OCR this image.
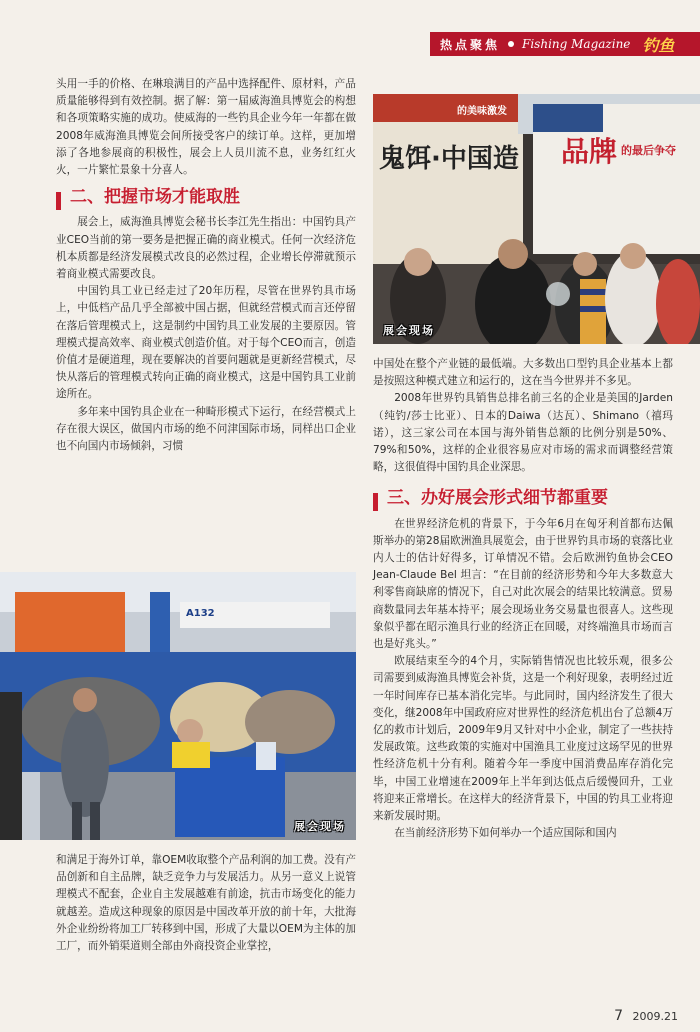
热点聚焦 Fishing Magazine 钓鱼

头用一手的价格、在琳琅满目的产品中选择配件、原材料，产品质量能够得到有效控制。据了解：第一届威海渔具博览会的构想和各项策略实施的成功。使威海的一些钓具企业今年一年都在做2008年威海渔具博览会间所接受客户的续订单。这样，更加增添了各地参展商的积极性，展会上人员川流不息，业务红红火火，一片繁忙景象十分喜人。

二、把握市场才能取胜

展会上，威海渔具博览会秘书长李江先生指出：中国钓具产业CEO当前的第一要务是把握正确的商业模式。任何一次经济危机本质都是经济发展模式改良的必然过程，企业增长停滞就预示着商业模式需要改良。

中国钓具工业已经走过了20年历程，尽管在世界钓具市场上，中低档产品几乎全部被中国占据，但就经营模式而言还停留在落后管理模式上，这是制约中国钓具工业发展的主要原因。管理模式提高效率、商业模式创造价值。对于每个CEO而言，创造价值才是硬道理，现在要解决的首要问题就是更新经营模式，尽快从落后的管理模式转向正确的商业模式，这是中国钓具工业前途所在。

多年来中国钓具企业在一种畸形模式下运行，在经营模式上存在很大误区，做国内市场的绝不问津国际市场，同样出口企业也不向国内市场倾斜，习惯

鬼饵·中国造
的美味激发
品牌 的最后争夺
展会现场

中国处在整个产业链的最低端。大多数出口型钓具企业基本上都是按照这种模式建立和运行的，这在当今世界并不多见。

2008年世界钓具销售总排名前三名的企业是美国的Jarden（纯钓/莎士比亚）、日本的Daiwa（达瓦）、Shimano（禧玛诺），这三家公司在本国与海外销售总额的比例分别是50%、79%和50%，这样的企业很容易应对市场的需求而调整经营策略，这很值得中国钓具企业深思。

三、办好展会形式细节都重要

在世界经济危机的背景下，于今年6月在匈牙利首都布达佩斯举办的第28届欧洲渔具展览会，由于世界钓具市场的衰落比业内人士的估计好得多，订单情况不错。会后欧洲钓鱼协会CEO Jean-Claude Bel 坦言：“在目前的经济形势和今年大多数意大利零售商缺席的情况下，自己对此次展会的结果比较满意。贸易商数量同去年基本持平；展会现场业务交易量也很喜人。这些现象似乎都在昭示渔具行业的经济正在回暖，对终端渔具市场而言也是好兆头。”

欧展结束至今的4个月，实际销售情况也比较乐观，很多公司需要到威海渔具博览会补货，这是一个利好现象，表明经过近一年时间库存已基本消化完毕。与此同时，国内经济发生了很大变化，继2008年中国政府应对世界性的经济危机出台了总额4万亿的救市计划后，2009年9月又针对中小企业，制定了一些扶持发展政策。这些政策的实施对中国渔具工业度过这场罕见的世界性经济危机十分有利。随着今年一季度中国消费品库存消化完毕，中国工业增速在2009年上半年到达低点后缓慢回升，工业将迎来正常增长。在这样大的经济背景下，中国的钓具工业将迎来新发展时期。

在当前经济形势下如何举办一个适应国际和国内

A132
展会现场

和满足于海外订单，靠OEM收取整个产品利润的加工费。没有产品创新和自主品牌，缺乏竞争力与发展活力。从另一意义上说管理模式不配套，企业自主发展越难有前途，抗击市场变化的能力就越差。造成这种现象的原因是中国改革开放的前十年，大批海外企业纷纷将加工厂转移到中国，形成了大量以OEM为主体的加工厂，而外销渠道则全部由外商投资企业掌控，

7 2009.21
